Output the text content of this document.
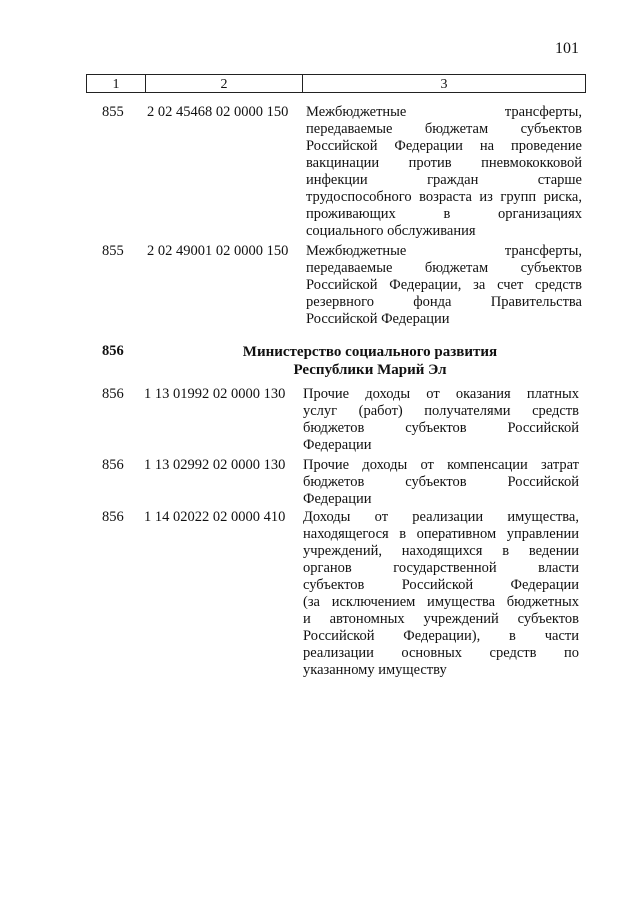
101
1	2	3
855	2 02 45468 02 0000 150	Межбюджетные трансферты,
передаваемые бюджетам субъектов
Российской Федерации на проведение
вакцинации против пневмококковой
инфекции граждан старше
трудоспособного возраста из групп риска,
проживающих в организациях
социального обслуживания
855	2 02 49001 02 0000 150	Межбюджетные трансферты,
передаваемые бюджетам субъектов
Российской Федерации, за счет средств
резервного фонда Правительства
Российской Федерации
856	Министерство социального развития
Республики Марий Эл
856	1 13 01992 02 0000 130	Прочие доходы от оказания платных
услуг (работ) получателями средств
бюджетов субъектов Российской
Федерации
856	1 13 02992 02 0000 130	Прочие доходы от компенсации затрат
бюджетов субъектов Российской
Федерации
856	1 14 02022 02 0000 410	Доходы от реализации имущества,
находящегося в оперативном управлении
учреждений, находящихся в ведении
органов государственной власти
субъектов Российской Федерации
(за исключением имущества бюджетных
и автономных учреждений субъектов
Российской Федерации), в части
реализации основных средств по
указанному имуществу
